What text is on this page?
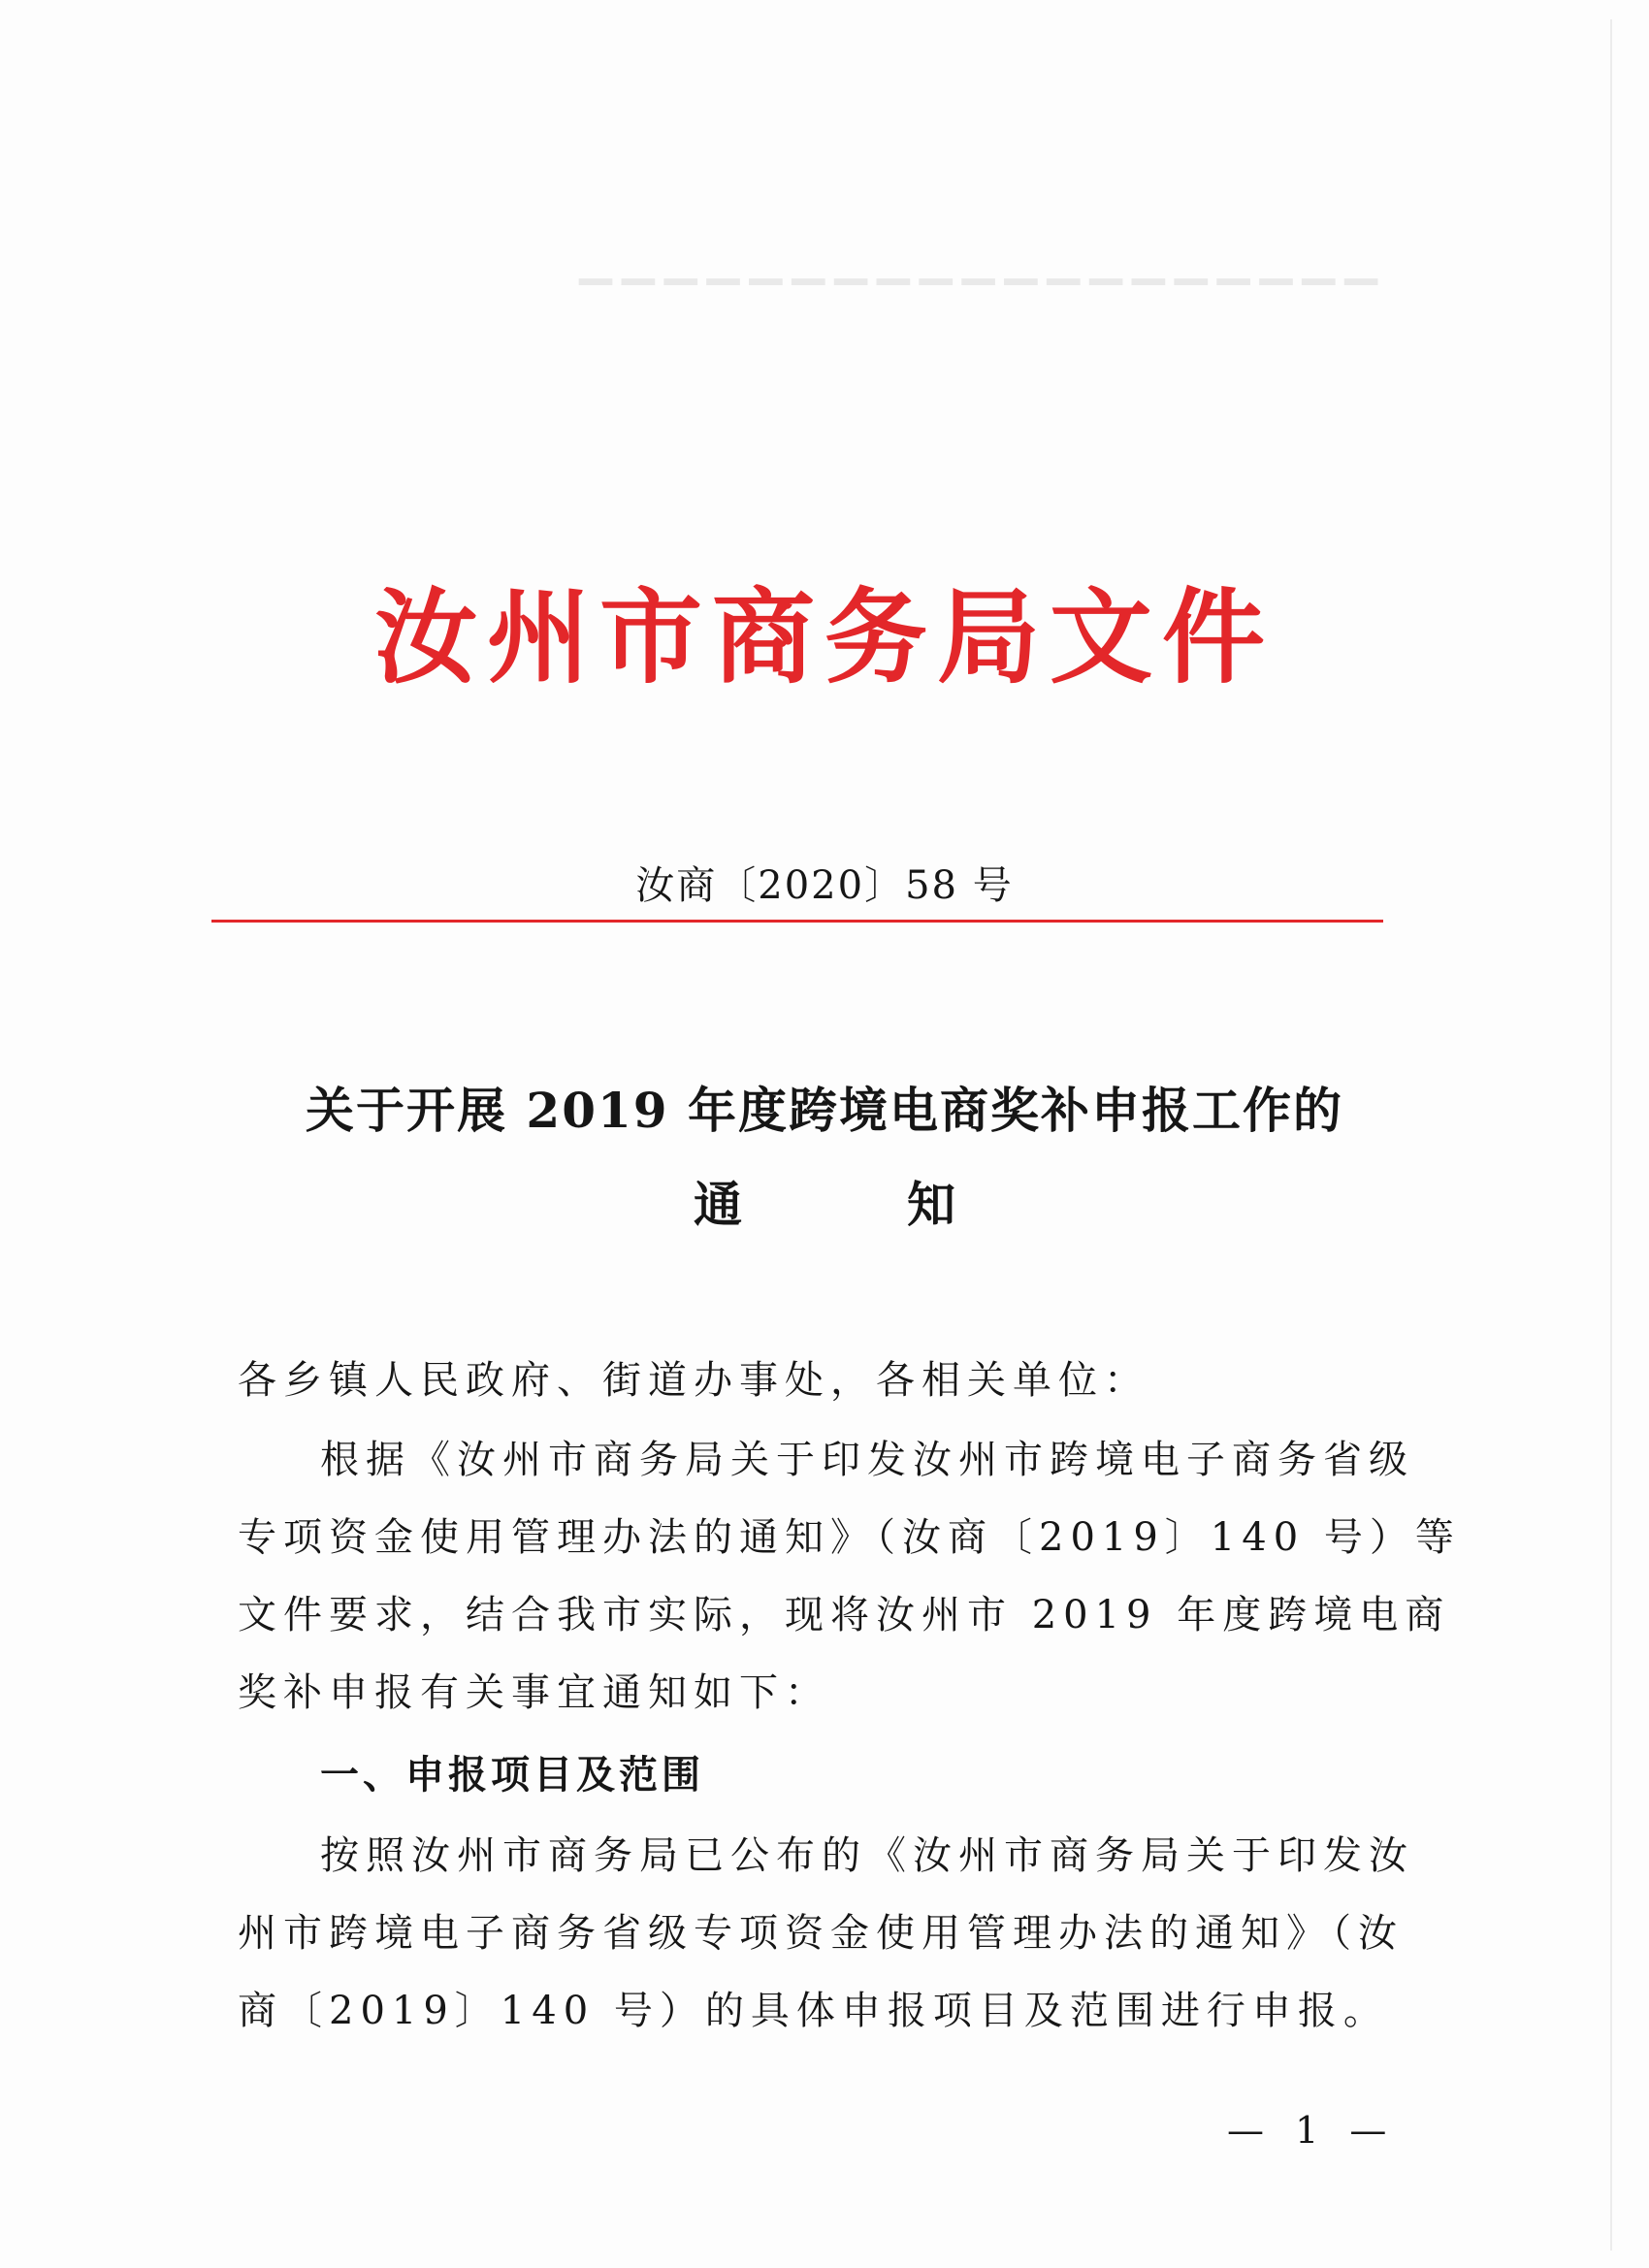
▁▁▁▁▁▁▁▁▁▁▁▁▁▁▁▁▁▁▁
汝州市商务局文件
汝商〔2020〕58 号
关于开展 2019 年度跨境电商奖补申报工作的
通　知
各乡镇人民政府、街道办事处，各相关单位：
根据《汝州市商务局关于印发汝州市跨境电子商务省级
专项资金使用管理办法的通知》（汝商〔2019〕140 号）等
文件要求，结合我市实际，现将汝州市 2019 年度跨境电商
奖补申报有关事宜通知如下：
一、申报项目及范围
按照汝州市商务局已公布的《汝州市商务局关于印发汝
州市跨境电子商务省级专项资金使用管理办法的通知》（汝
商〔2019〕140 号）的具体申报项目及范围进行申报。
— 1 —
